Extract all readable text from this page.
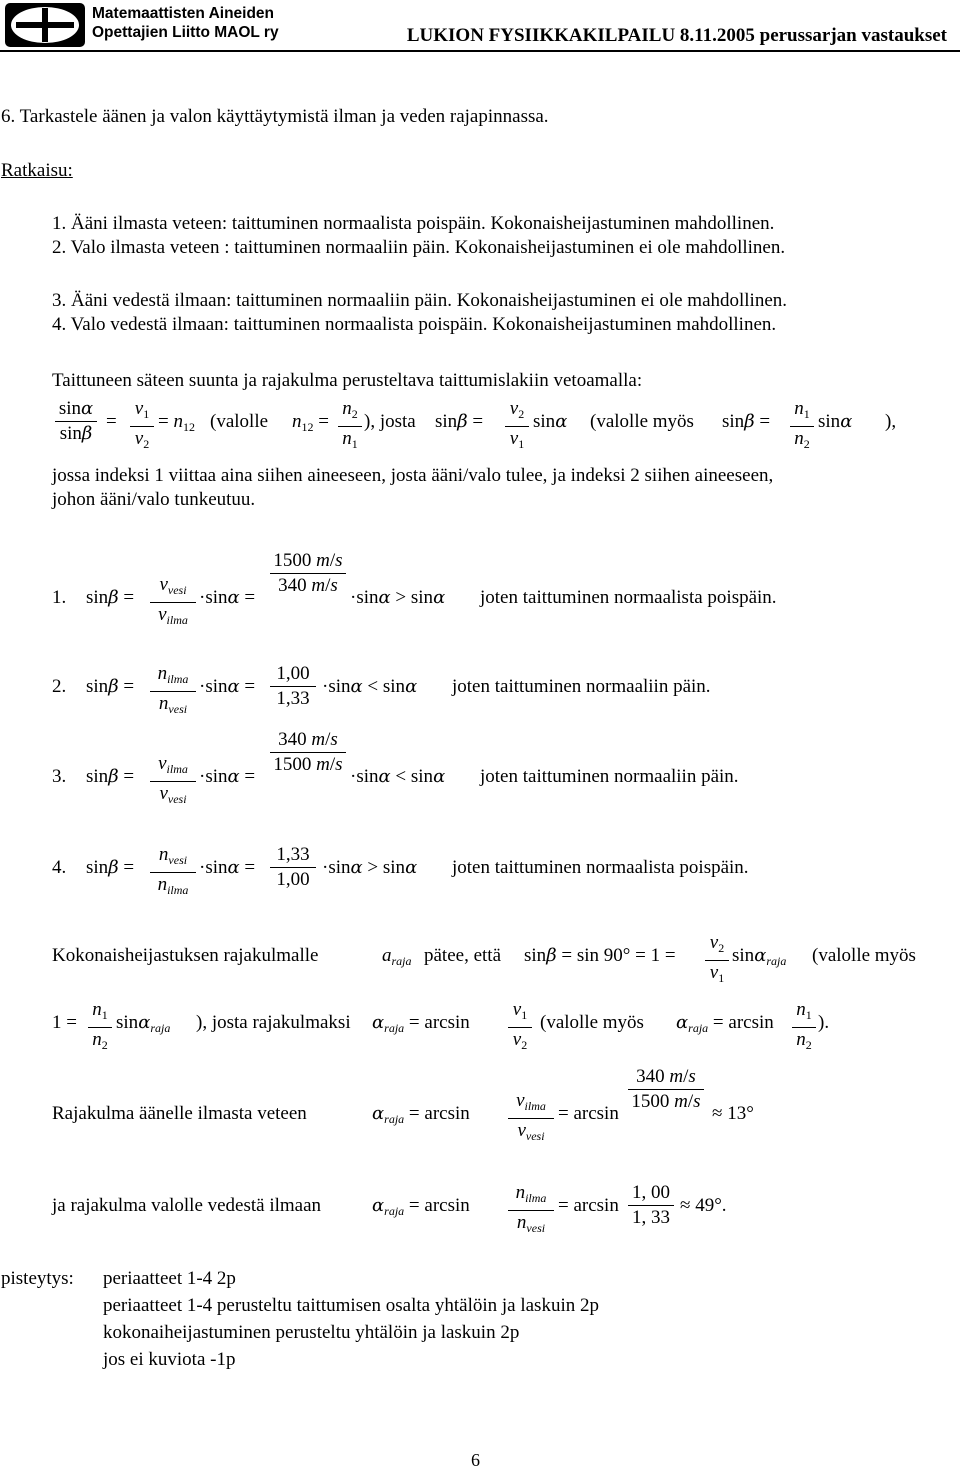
Matemaattisten Aineiden
Opettajien Liitto MAOL ry	LUKION FYSIIKKAKILPAILU 8.11.2005 perussarjan vastaukset
6. Tarkastele äänen ja valon käyttäytymistä ilman ja veden rajapinnassa.
Ratkaisu:
1. Ääni ilmasta veteen: taittuminen normaalista poispäin. Kokonaisheijastuminen mahdollinen.
2. Valo ilmasta veteen : taittuminen normaaliin päin. Kokonaisheijastuminen ei ole mahdollinen.
3. Ääni vedestä ilmaan: taittuminen normaaliin päin. Kokonaisheijastuminen ei ole mahdollinen.
4. Valo vedestä ilmaan: taittuminen normaalista poispäin. Kokonaisheijastuminen mahdollinen.
Taittuneen säteen suunta ja rajakulma perusteltava taittumislakiin vetoamalla:
sinα
sinβ
=
$v_1$
$v_2$
= $n_{12}$ (valolle $n_{12}$ =
$n_2$
$n_1$
), josta sinβ =
$v_2$
$v_1$
sinα (valolle myös sinβ =
$n_1$
$n_2$
sinα ),
jossa indeksi 1 viittaa aina siihen aineeseen, josta ääni/valo tulee, ja indeksi 2 siihen aineeseen,
johon ääni/valo tunkeutuu.
1. sinβ =
$v_{vesi}$
$v_{ilma}$
·sinα =
1500 m/s
340 m/s
·sinα > sinα joten taittuminen normaalista poispäin.
2. sinβ =
$n_{ilma}$
$n_{vesi}$
·sinα =
1,00
1,33
·sinα < sinα joten taittuminen normaaliin päin.
3. sinβ =
$v_{ilma}$
$v_{vesi}$
·sinα =
340 m/s
1500 m/s
·sinα < sinα joten taittuminen normaaliin päin.
4. sinβ =
$n_{vesi}$
$n_{ilma}$
·sinα =
1,33
1,00
·sinα > sinα joten taittuminen normaalista poispäin.
Kokonaisheijastuksen rajakulmalle	$a_{raja}$ pätee, että sinβ = sin 90° = 1 =
$v_2$
$v_1$
sinα$_{raja}$ (valolle myös
1 =
$n_1$
$n_2$
sinα$_{raja}$ ), josta rajakulmaksi $\alpha_{raja} = \arcsin$
$v_1$
$v_2$
(valolle myös $\alpha_{raja} = \arcsin$
$n_1$
$n_2$
).
Rajakulma äänelle ilmasta veteen	$\alpha_{raja} = \arcsin$
$v_{ilma}$
$v_{vesi}$
= arcsin
340 m/s
1500 m/s
≈ 13°
ja rajakulma valolle vedestä ilmaan	$\alpha_{raja} = \arcsin$
$n_{ilma}$
$n_{vesi}$
= arcsin
1, 00
1, 33
≈ 49°.
pisteytys: periaatteet 1-4 2p
periaatteet 1-4 perusteltu taittumisen osalta yhtälöin ja laskuin 2p
kokonaiheijastuminen perusteltu yhtälöin ja laskuin 2p
jos ei kuviota -1p
6
